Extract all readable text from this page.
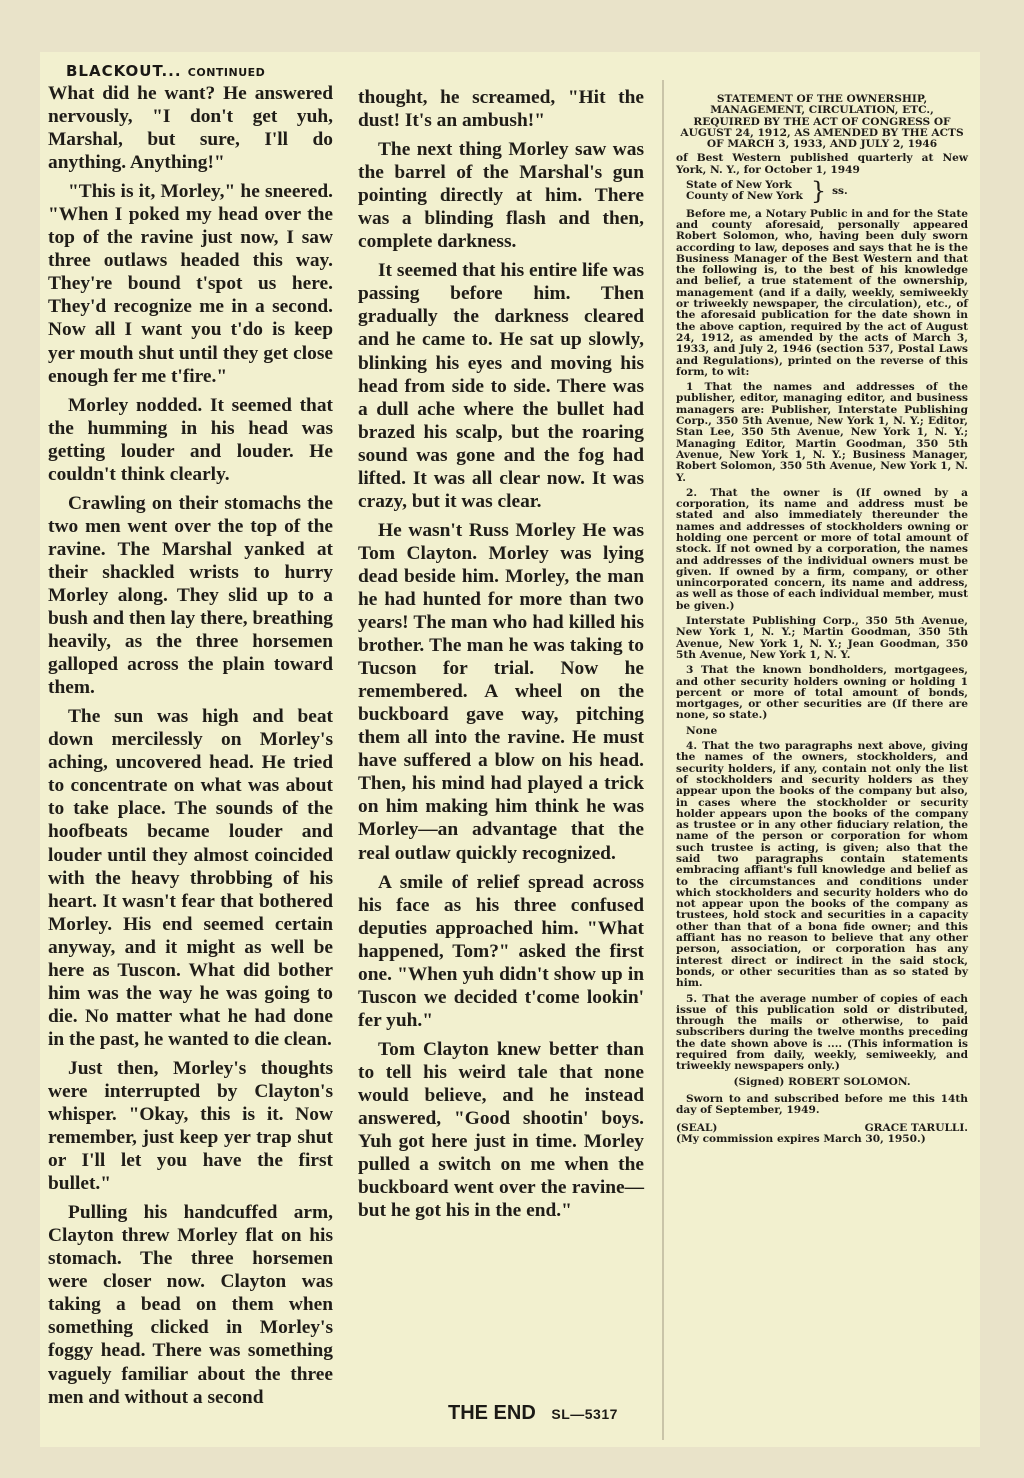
BLACKOUT... CONTINUED

What did he want? He answered nervously, "I don't get yuh, Marshal, but sure, I'll do anything. Anything!"

"This is it, Morley," he sneered. "When I poked my head over the top of the ravine just now, I saw three outlaws headed this way. They're bound t'spot us here. They'd recognize me in a second. Now all I want you t'do is keep yer mouth shut until they get close enough fer me t'fire."

Morley nodded. It seemed that the humming in his head was getting louder and louder. He couldn't think clearly.

Crawling on their stomachs the two men went over the top of the ravine. The Marshal yanked at their shackled wrists to hurry Morley along. They slid up to a bush and then lay there, breathing heavily, as the three horsemen galloped across the plain toward them.

The sun was high and beat down mercilessly on Morley's aching, uncovered head. He tried to concentrate on what was about to take place. The sounds of the hoofbeats became louder and louder until they almost coincided with the heavy throbbing of his heart. It wasn't fear that bothered Morley. His end seemed certain anyway, and it might as well be here as Tuscon. What did bother him was the way he was going to die. No matter what he had done in the past, he wanted to die clean.

Just then, Morley's thoughts were interrupted by Clayton's whisper. "Okay, this is it. Now remember, just keep yer trap shut or I'll let you have the first bullet."

Pulling his handcuffed arm, Clayton threw Morley flat on his stomach. The three horsemen were closer now. Clayton was taking a bead on them when something clicked in Morley's foggy head. There was something vaguely familiar about the three men and without a second

thought, he screamed, "Hit the dust! It's an ambush!"

The next thing Morley saw was the barrel of the Marshal's gun pointing directly at him. There was a blinding flash and then, complete darkness.

It seemed that his entire life was passing before him. Then gradually the darkness cleared and he came to. He sat up slowly, blinking his eyes and moving his head from side to side. There was a dull ache where the bullet had brazed his scalp, but the roaring sound was gone and the fog had lifted. It was all clear now. It was crazy, but it was clear.

He wasn't Russ Morley He was Tom Clayton. Morley was lying dead beside him. Morley, the man he had hunted for more than two years! The man who had killed his brother. The man he was taking to Tucson for trial. Now he remembered. A wheel on the buckboard gave way, pitching them all into the ravine. He must have suffered a blow on his head. Then, his mind had played a trick on him making him think he was Morley—an advantage that the real outlaw quickly recognized.

A smile of relief spread across his face as his three confused deputies approached him. "What happened, Tom?" asked the first one. "When yuh didn't show up in Tuscon we decided t'come lookin' fer yuh."

Tom Clayton knew better than to tell his weird tale that none would believe, and he instead answered, "Good shootin' boys. Yuh got here just in time. Morley pulled a switch on me when the buckboard went over the ravine—but he got his in the end."

THE END SL—5317
STATEMENT OF THE OWNERSHIP, MANAGEMENT, CIRCULATION, ETC., REQUIRED BY THE ACT OF CONGRESS OF AUGUST 24, 1912, AS AMENDED BY THE ACTS OF MARCH 3, 1933, AND JULY 2, 1946

of Best Western published quarterly at New York, N. Y., for October 1, 1949

State of New York
County of New York } ss.

Before me, a Notary Public in and for the State and county aforesaid, personally appeared Robert Solomon, who, having been duly sworn according to law, deposes and says that he is the Business Manager of the Best Western and that the following is, to the best of his knowledge and belief, a true statement of the ownership, management (and if a daily, weekly, semiweekly or triweekly newspaper, the circulation), etc., of the aforesaid publication for the date shown in the above caption, required by the act of August 24, 1912, as amended by the acts of March 3, 1933, and July 2, 1946 (section 537, Postal Laws and Regulations), printed on the reverse of this form, to wit:

1 That the names and addresses of the publisher, editor, managing editor, and business managers are: Publisher, Interstate Publishing Corp., 350 5th Avenue, New York 1, N. Y.; Editor, Stan Lee, 350 5th Avenue, New York 1, N. Y.; Managing Editor, Martin Goodman, 350 5th Avenue, New York 1, N. Y.; Business Manager, Robert Solomon, 350 5th Avenue, New York 1, N. Y.

2. That the owner is (If owned by a corporation, its name and address must be stated and also immediately thereunder the names and addresses of stockholders owning or holding one percent or more of total amount of stock. If not owned by a corporation, the names and addresses of the individual owners must be given. If owned by a firm, company, or other unincorporated concern, its name and address, as well as those of each individual member, must be given.)

Interstate Publishing Corp., 350 5th Avenue, New York 1, N. Y.; Martin Goodman, 350 5th Avenue, New York 1, N. Y.; Jean Goodman, 350 5th Avenue, New York 1, N. Y.

3 That the known bondholders, mortgagees, and other security holders owning or holding 1 percent or more of total amount of bonds, mortgages, or other securities are (If there are none, so state.)

None

4. That the two paragraphs next above, giving the names of the owners, stockholders, and security holders, if any, contain not only the list of stockholders and security holders as they appear upon the books of the company but also, in cases where the stockholder or security holder appears upon the books of the company as trustee or in any other fiduciary relation, the name of the person or corporation for whom such trustee is acting, is given; also that the said two paragraphs contain statements embracing affiant's full knowledge and belief as to the circumstances and conditions under which stockholders and security holders who do not appear upon the books of the company as trustees, hold stock and securities in a capacity other than that of a bona fide owner; and this affiant has no reason to believe that any other person, association, or corporation has any interest direct or indirect in the said stock, bonds, or other securities than as so stated by him.

5. That the average number of copies of each issue of this publication sold or distributed, through the mails or otherwise, to paid subscribers during the twelve months preceding the date shown above is .... (This information is required from daily, weekly, semiweekly, and triweekly newspapers only.)

(Signed) ROBERT SOLOMON.

Sworn to and subscribed before me this 14th day of September, 1949.

(SEAL)	GRACE TARULLI.
(My commission expires March 30, 1950.)
